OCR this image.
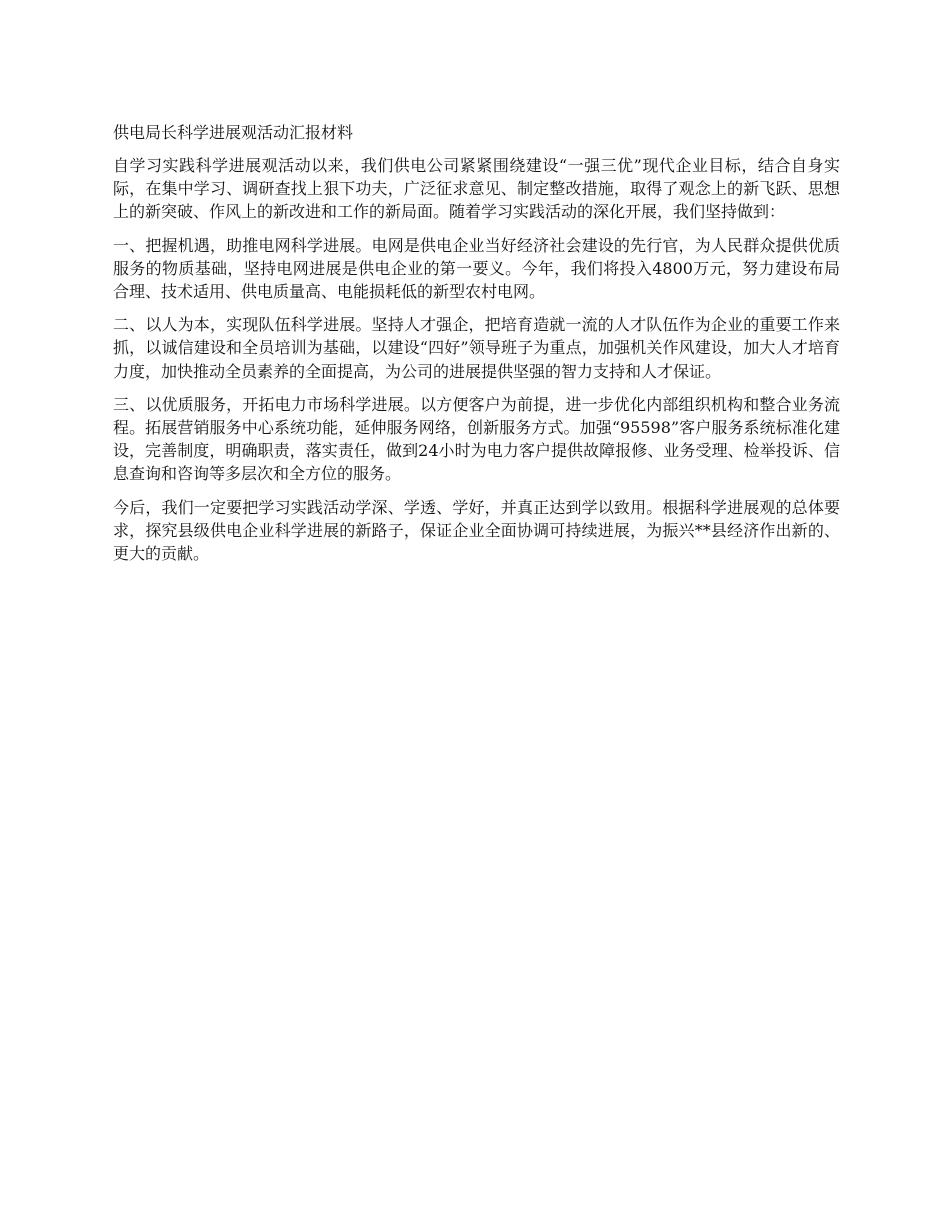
供电局长科学进展观活动汇报材料

自学习实践科学进展观活动以来，我们供电公司紧紧围绕建设“一强三优”现代企业目标，结合自身实际，在集中学习、调研查找上狠下功夫，广泛征求意见、制定整改措施，取得了观念上的新飞跃、思想上的新突破、作风上的新改进和工作的新局面。随着学习实践活动的深化开展，我们坚持做到：

一、把握机遇，助推电网科学进展。电网是供电企业当好经济社会建设的先行官，为人民群众提供优质服务的物质基础，坚持电网进展是供电企业的第一要义。今年，我们将投入4800万元，努力建设布局合理、技术适用、供电质量高、电能损耗低的新型农村电网。

二、以人为本，实现队伍科学进展。坚持人才强企，把培育造就一流的人才队伍作为企业的重要工作来抓，以诚信建设和全员培训为基础，以建设“四好”领导班子为重点，加强机关作风建设，加大人才培育力度，加快推动全员素养的全面提高，为公司的进展提供坚强的智力支持和人才保证。

三、以优质服务，开拓电力市场科学进展。以方便客户为前提，进一步优化内部组织机构和整合业务流程。拓展营销服务中心系统功能，延伸服务网络，创新服务方式。加强“95598”客户服务系统标准化建设，完善制度，明确职责，落实责任，做到24小时为电力客户提供故障报修、业务受理、检举投诉、信息查询和咨询等多层次和全方位的服务。

今后，我们一定要把学习实践活动学深、学透、学好，并真正达到学以致用。根据科学进展观的总体要求，探究县级供电企业科学进展的新路子，保证企业全面协调可持续进展，为振兴**县经济作出新的、更大的贡献。
